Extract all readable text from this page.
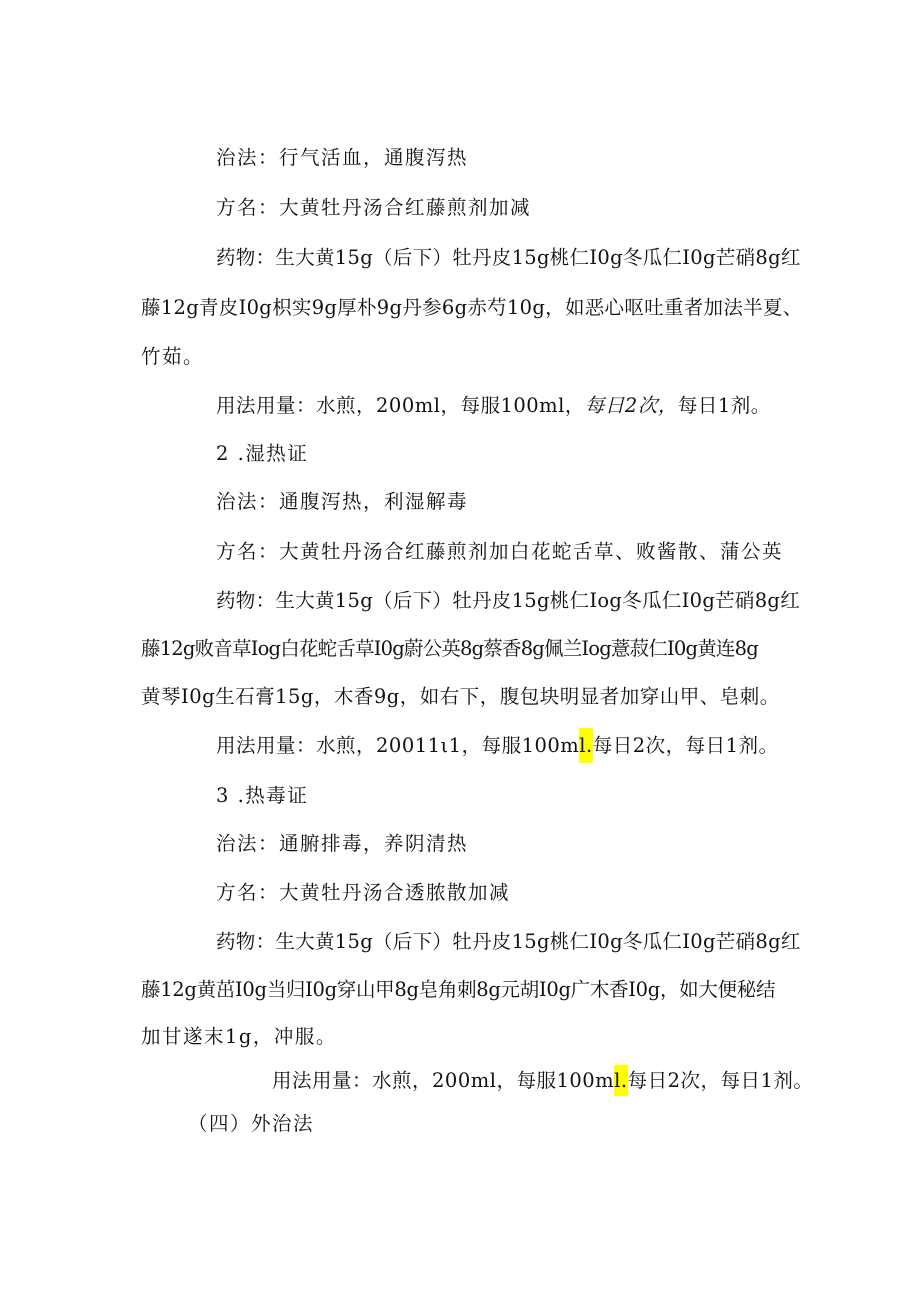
治法：行气活血，通腹泻热
方名：大黄牡丹汤合红藤煎剂加减
药物：生大黄15g（后下）牡丹皮15g桃仁I0g冬瓜仁I0g芒硝8g红
藤12g青皮I0g枳实9g厚朴9g丹参6g赤芍10g，如恶心呕吐重者加法半夏、
竹茹。
用法用量：水煎，200ml，每服100ml，每日2次，每日1剂。
2 .湿热证
治法：通腹泻热，利湿解毒
方名：大黄牡丹汤合红藤煎剂加白花蛇舌草、败酱散、蒲公英
药物：生大黄15g（后下）牡丹皮15g桃仁Iog冬瓜仁I0g芒硝8g红
藤12g败音草Iog白花蛇舌草I0g蔚公英8g蔡香8g佩兰Iog薏菽仁I0g黄连8g
黄琴I0g生石膏15g，木香9g，如右下，腹包块明显者加穿山甲、皂刺。
用法用量：水煎，20011ι1，每服100ml.每日2次，每日1剂。
3 .热毒证
治法：通腑排毒，养阴清热
方名：大黄牡丹汤合透脓散加减
药物：生大黄15g（后下）牡丹皮15g桃仁I0g冬瓜仁I0g芒硝8g红
藤12g黄茁I0g当归I0g穿山甲8g皂角刺8g元胡I0g广木香I0g，如大便秘结
加甘遂末1g，冲服。
用法用量：水煎，200ml，每服100ml.每日2次，每日1剂。
（四）外治法
